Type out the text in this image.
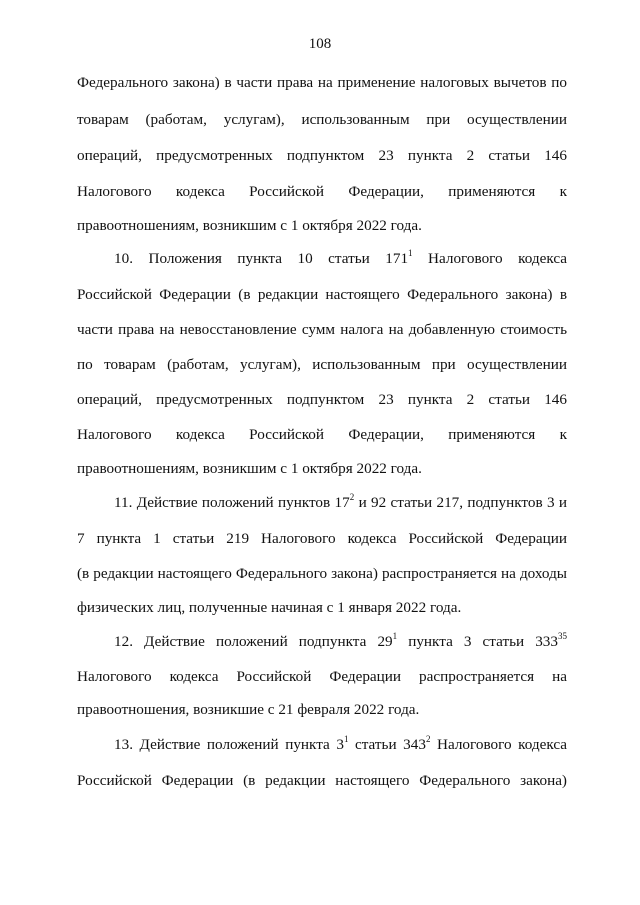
108
Федерального закона) в части права на применение налоговых вычетов по
товарам (работам, услугам), использованным при осуществлении
операций, предусмотренных подпунктом 23 пункта 2 статьи 146
Налогового кодекса Российской Федерации, применяются к
правоотношениям, возникшим с 1 октября 2022 года.
10. Положения пункта 10 статьи $171^1$ Налогового кодекса
Российской Федерации (в редакции настоящего Федерального закона) в
части права на невосстановление сумм налога на добавленную стоимость
по товарам (работам, услугам), использованным при осуществлении
операций, предусмотренных подпунктом 23 пункта 2 статьи 146
Налогового кодекса Российской Федерации, применяются к
правоотношениям, возникшим с 1 октября 2022 года.
11. Действие положений пунктов $17^2$ и 92 статьи 217, подпунктов 3 и
7 пункта 1 статьи 219 Налогового кодекса Российской Федерации
(в редакции настоящего Федерального закона) распространяется на доходы
физических лиц, полученные начиная с 1 января 2022 года.
12. Действие положений подпункта $29^1$ пункта 3 статьи $333^{35}$
Налогового кодекса Российской Федерации распространяется на
правоотношения, возникшие с 21 февраля 2022 года.
13. Действие положений пункта $3^1$ статьи $343^2$ Налогового кодекса
Российской Федерации (в редакции настоящего Федерального закона)
